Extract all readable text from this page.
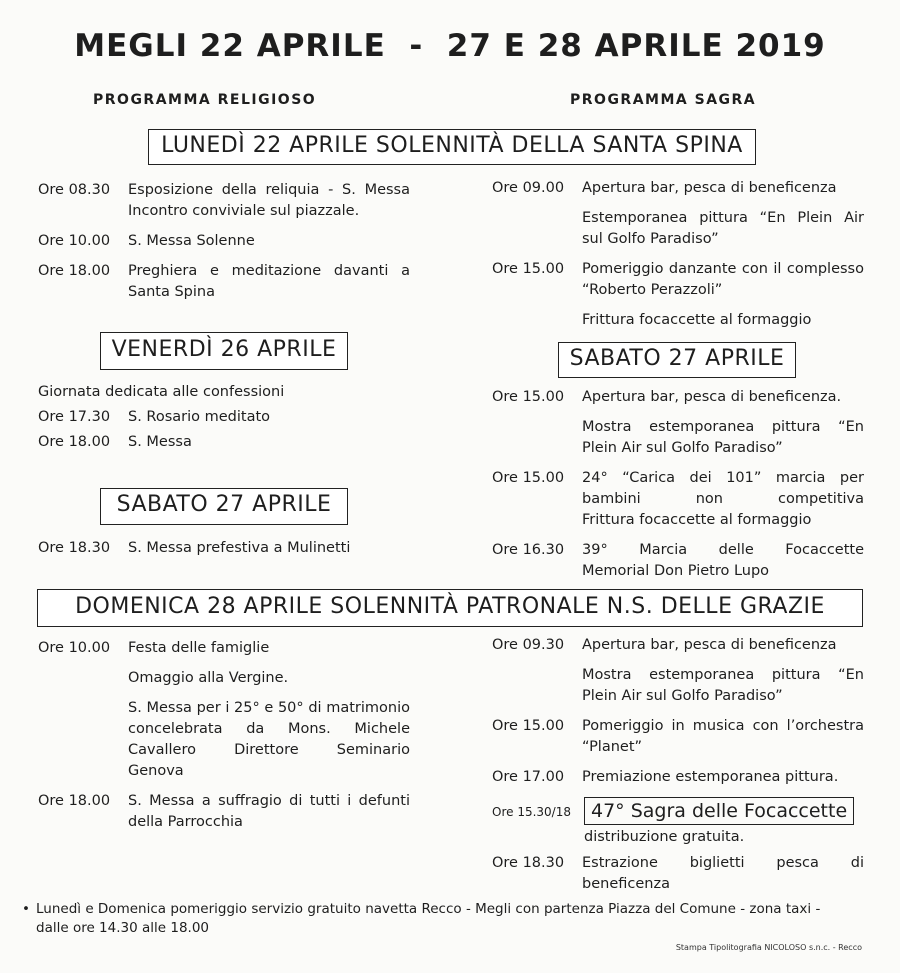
MEGLI 22 APRILE  -  27 E 28 APRILE 2019
PROGRAMMA RELIGIOSO	PROGRAMMA SAGRA
LUNEDÌ 22 APRILE SOLENNITÀ DELLA SANTA SPINA
Ore 08.30	Esposizione della reliquia - S. Messa
Incontro conviviale sul piazzale.
Ore 10.00	S. Messa Solenne
Ore 18.00	Preghiera e meditazione davanti a
Santa Spina
Ore 09.00	Apertura bar, pesca di beneficenza
Estemporanea pittura “En Plein Air
sul Golfo Paradiso”
Ore 15.00	Pomeriggio danzante con il complesso
“Roberto Perazzoli”
Frittura focaccette al formaggio
VENERDÌ 26 APRILE
Giornata dedicata alle confessioni
Ore 17.30	S. Rosario meditato
Ore 18.00	S. Messa
SABATO 27 APRILE
Ore 15.00	Apertura bar, pesca di beneficenza.
Mostra estemporanea pittura “En
Plein Air sul Golfo Paradiso”
Ore 15.00	24° “Carica dei 101” marcia per
bambini non competitiva
Frittura focaccette al formaggio
Ore 16.30	39° Marcia delle Focaccette
Memorial Don Pietro Lupo
SABATO 27 APRILE
Ore 18.30	S. Messa prefestiva a Mulinetti
DOMENICA 28 APRILE SOLENNITÀ PATRONALE N.S. DELLE GRAZIE
Ore 10.00	Festa delle famiglie
Omaggio alla Vergine.
S. Messa per i 25° e 50° di matrimonio
concelebrata da Mons. Michele
Cavallero Direttore Seminario
Genova
Ore 18.00	S. Messa a suffragio di tutti i defunti
della Parrocchia
Ore 09.30	Apertura bar, pesca di beneficenza
Mostra estemporanea pittura “En
Plein Air sul Golfo Paradiso”
Ore 15.00	Pomeriggio in musica con l’orchestra
“Planet”
Ore 17.00	Premiazione estemporanea pittura.
Ore 15.30/18	47° Sagra delle Focaccette
distribuzione gratuita.
Ore 18.30	Estrazione biglietti pesca di
beneficenza
• Lunedì e Domenica pomeriggio servizio gratuito navetta Recco - Megli con partenza Piazza del Comune - zona taxi -
dalle ore 14.30 alle 18.00
Stampa Tipolitografia NICOLOSO s.n.c. - Recco
